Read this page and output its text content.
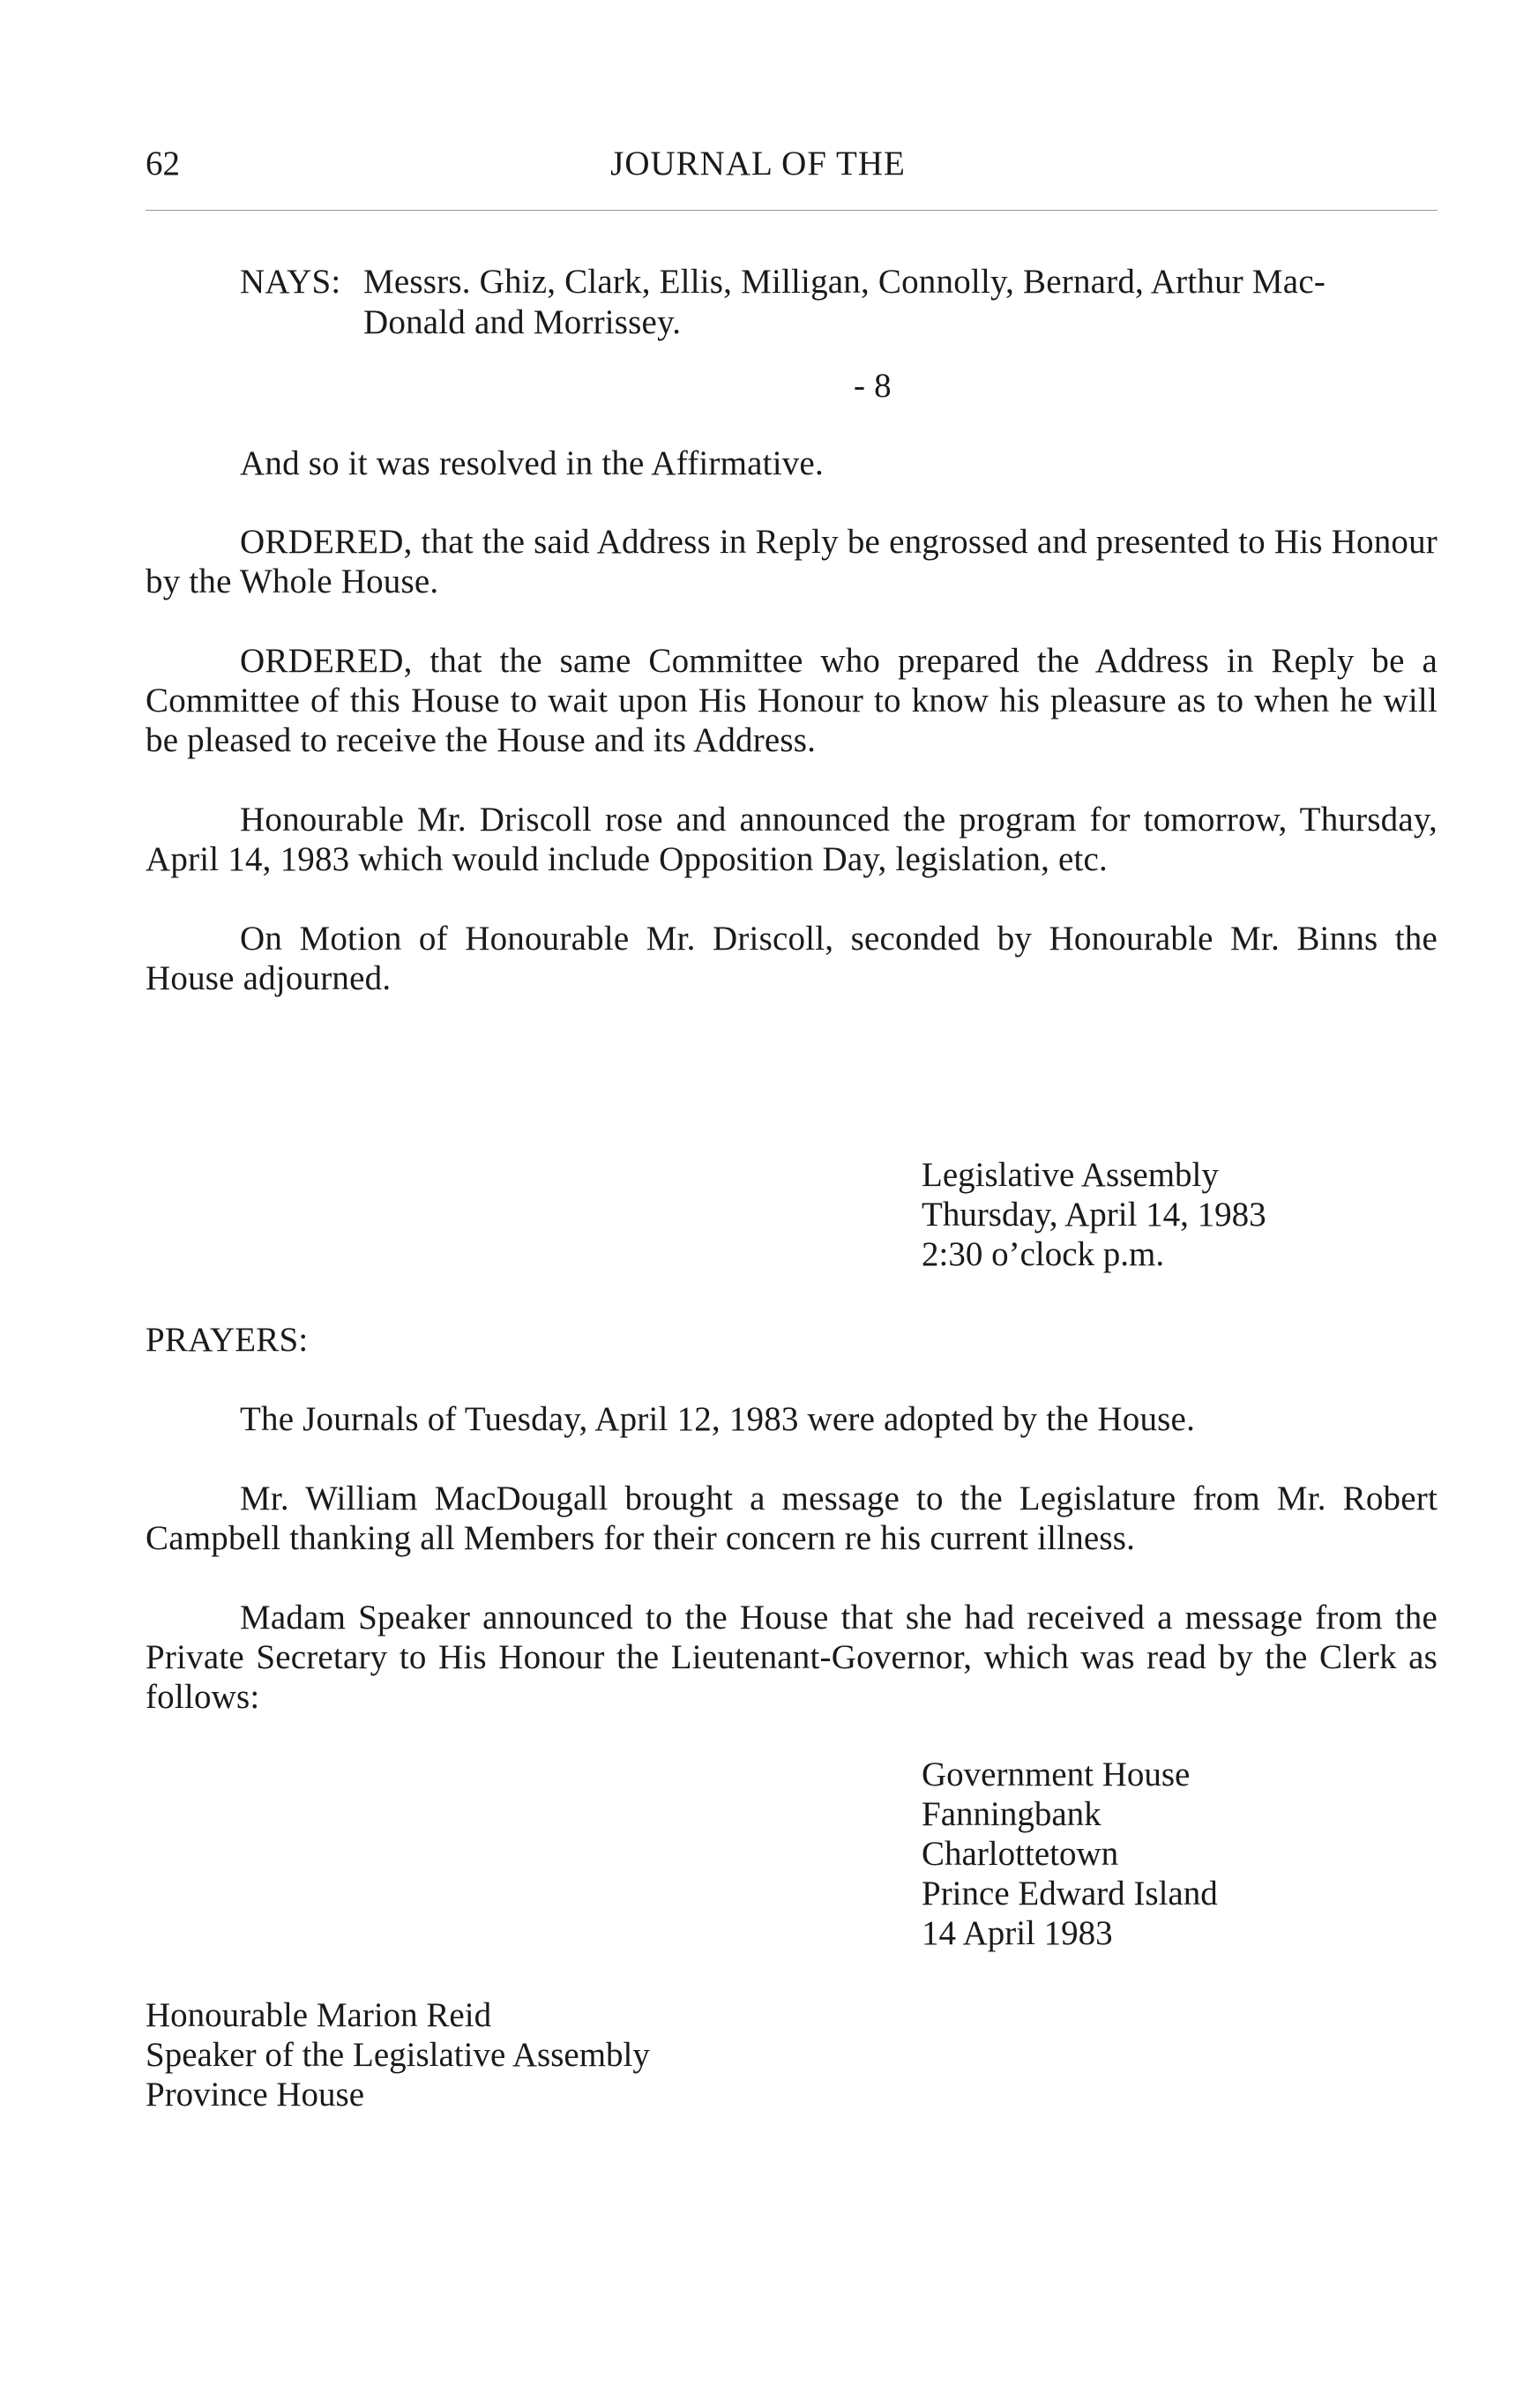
62	JOURNAL OF THE
NAYS: Messrs. Ghiz, Clark, Ellis, Milligan, Connolly, Bernard, Arthur Mac-
Donald and Morrissey.
- 8
And so it was resolved in the Affirmative.
ORDERED, that the said Address in Reply be engrossed and presented to His Honour by the Whole House.
ORDERED, that the same Committee who prepared the Address in Reply be a Committee of this House to wait upon His Honour to know his pleasure as to when he will be pleased to receive the House and its Address.
Honourable Mr. Driscoll rose and announced the program for tomorrow, Thursday, April 14, 1983 which would include Opposition Day, legislation, etc.
On Motion of Honourable Mr. Driscoll, seconded by Honourable Mr. Binns the House adjourned.
Legislative Assembly
Thursday, April 14, 1983
2:30 o’clock p.m.
PRAYERS:
The Journals of Tuesday, April 12, 1983 were adopted by the House.
Mr. William MacDougall brought a message to the Legislature from Mr. Robert Campbell thanking all Members for their concern re his current illness.
Madam Speaker announced to the House that she had received a message from the Private Secretary to His Honour the Lieutenant-Governor, which was read by the Clerk as follows:
Government House
Fanningbank
Charlottetown
Prince Edward Island
14 April 1983
Honourable Marion Reid
Speaker of the Legislative Assembly
Province House
